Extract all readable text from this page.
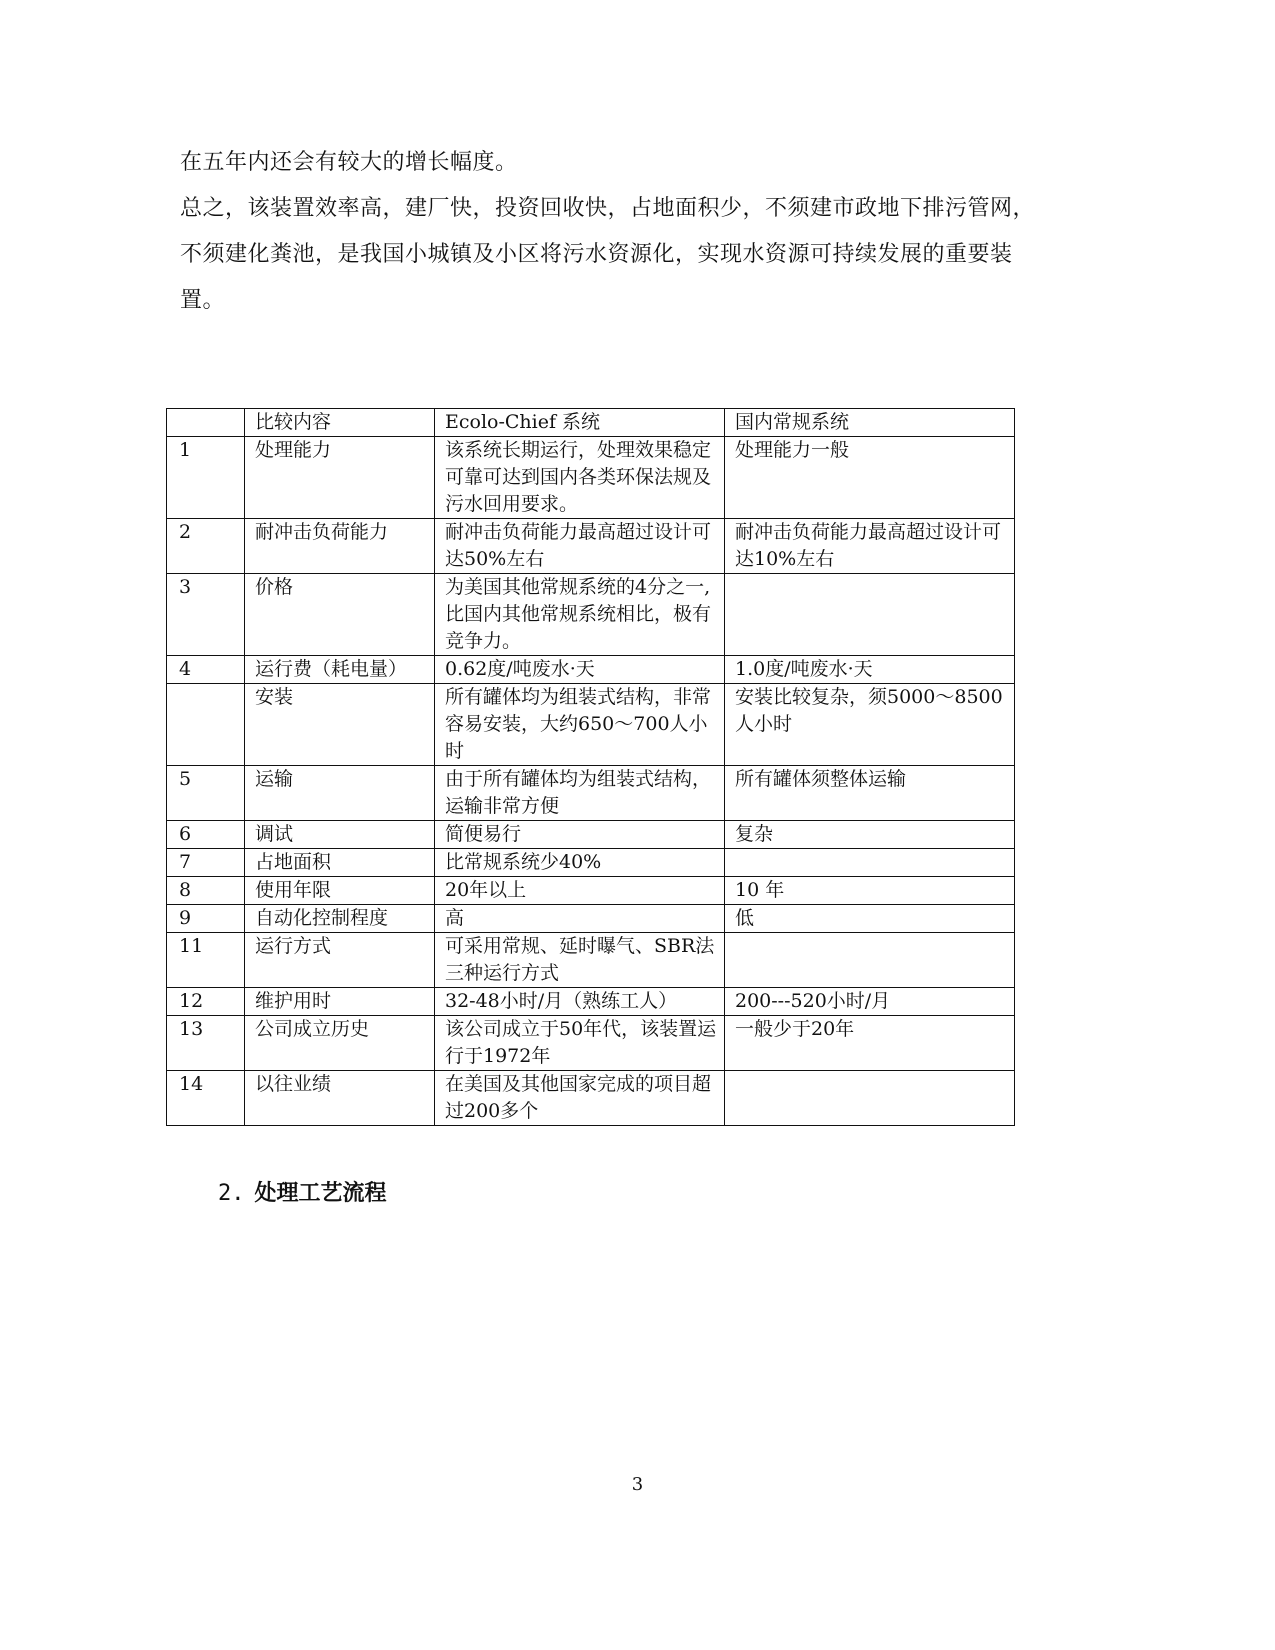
在五年内还会有较大的增长幅度。

总之，该装置效率高，建厂快，投资回收快，占地面积少，不须建市政地下排污管网，不须建化粪池，是我国小城镇及小区将污水资源化，实现水资源可持续发展的重要装置。

	比较内容	Ecolo-Chief 系统	国内常规系统
1	处理能力	该系统长期运行，处理效果稳定可靠可达到国内各类环保法规及污水回用要求。	处理能力一般
2	耐冲击负荷能力	耐冲击负荷能力最高超过设计可达50%左右	耐冲击负荷能力最高超过设计可达10%左右
3	价格	为美国其他常规系统的4分之一,比国内其他常规系统相比，极有竞争力。	
4	运行费（耗电量）	0.62度/吨废水·天	1.0度/吨废水·天
	安装	所有罐体均为组装式结构，非常容易安装，大约650～700人小时	安装比较复杂，须5000～8500人小时
5	运输	由于所有罐体均为组装式结构，运输非常方便	所有罐体须整体运输
6	调试	简便易行	复杂
7	占地面积	比常规系统少40%	
8	使用年限	20年以上	10 年
9	自动化控制程度	高	低
11	运行方式	可采用常规、延时曝气、SBR法三种运行方式	
12	维护用时	32-48小时/月（熟练工人）	200---520小时/月
13	公司成立历史	该公司成立于50年代，该装置运行于1972年	一般少于20年
14	以往业绩	在美国及其他国家完成的项目超过200多个	
2. 处理工艺流程
3
